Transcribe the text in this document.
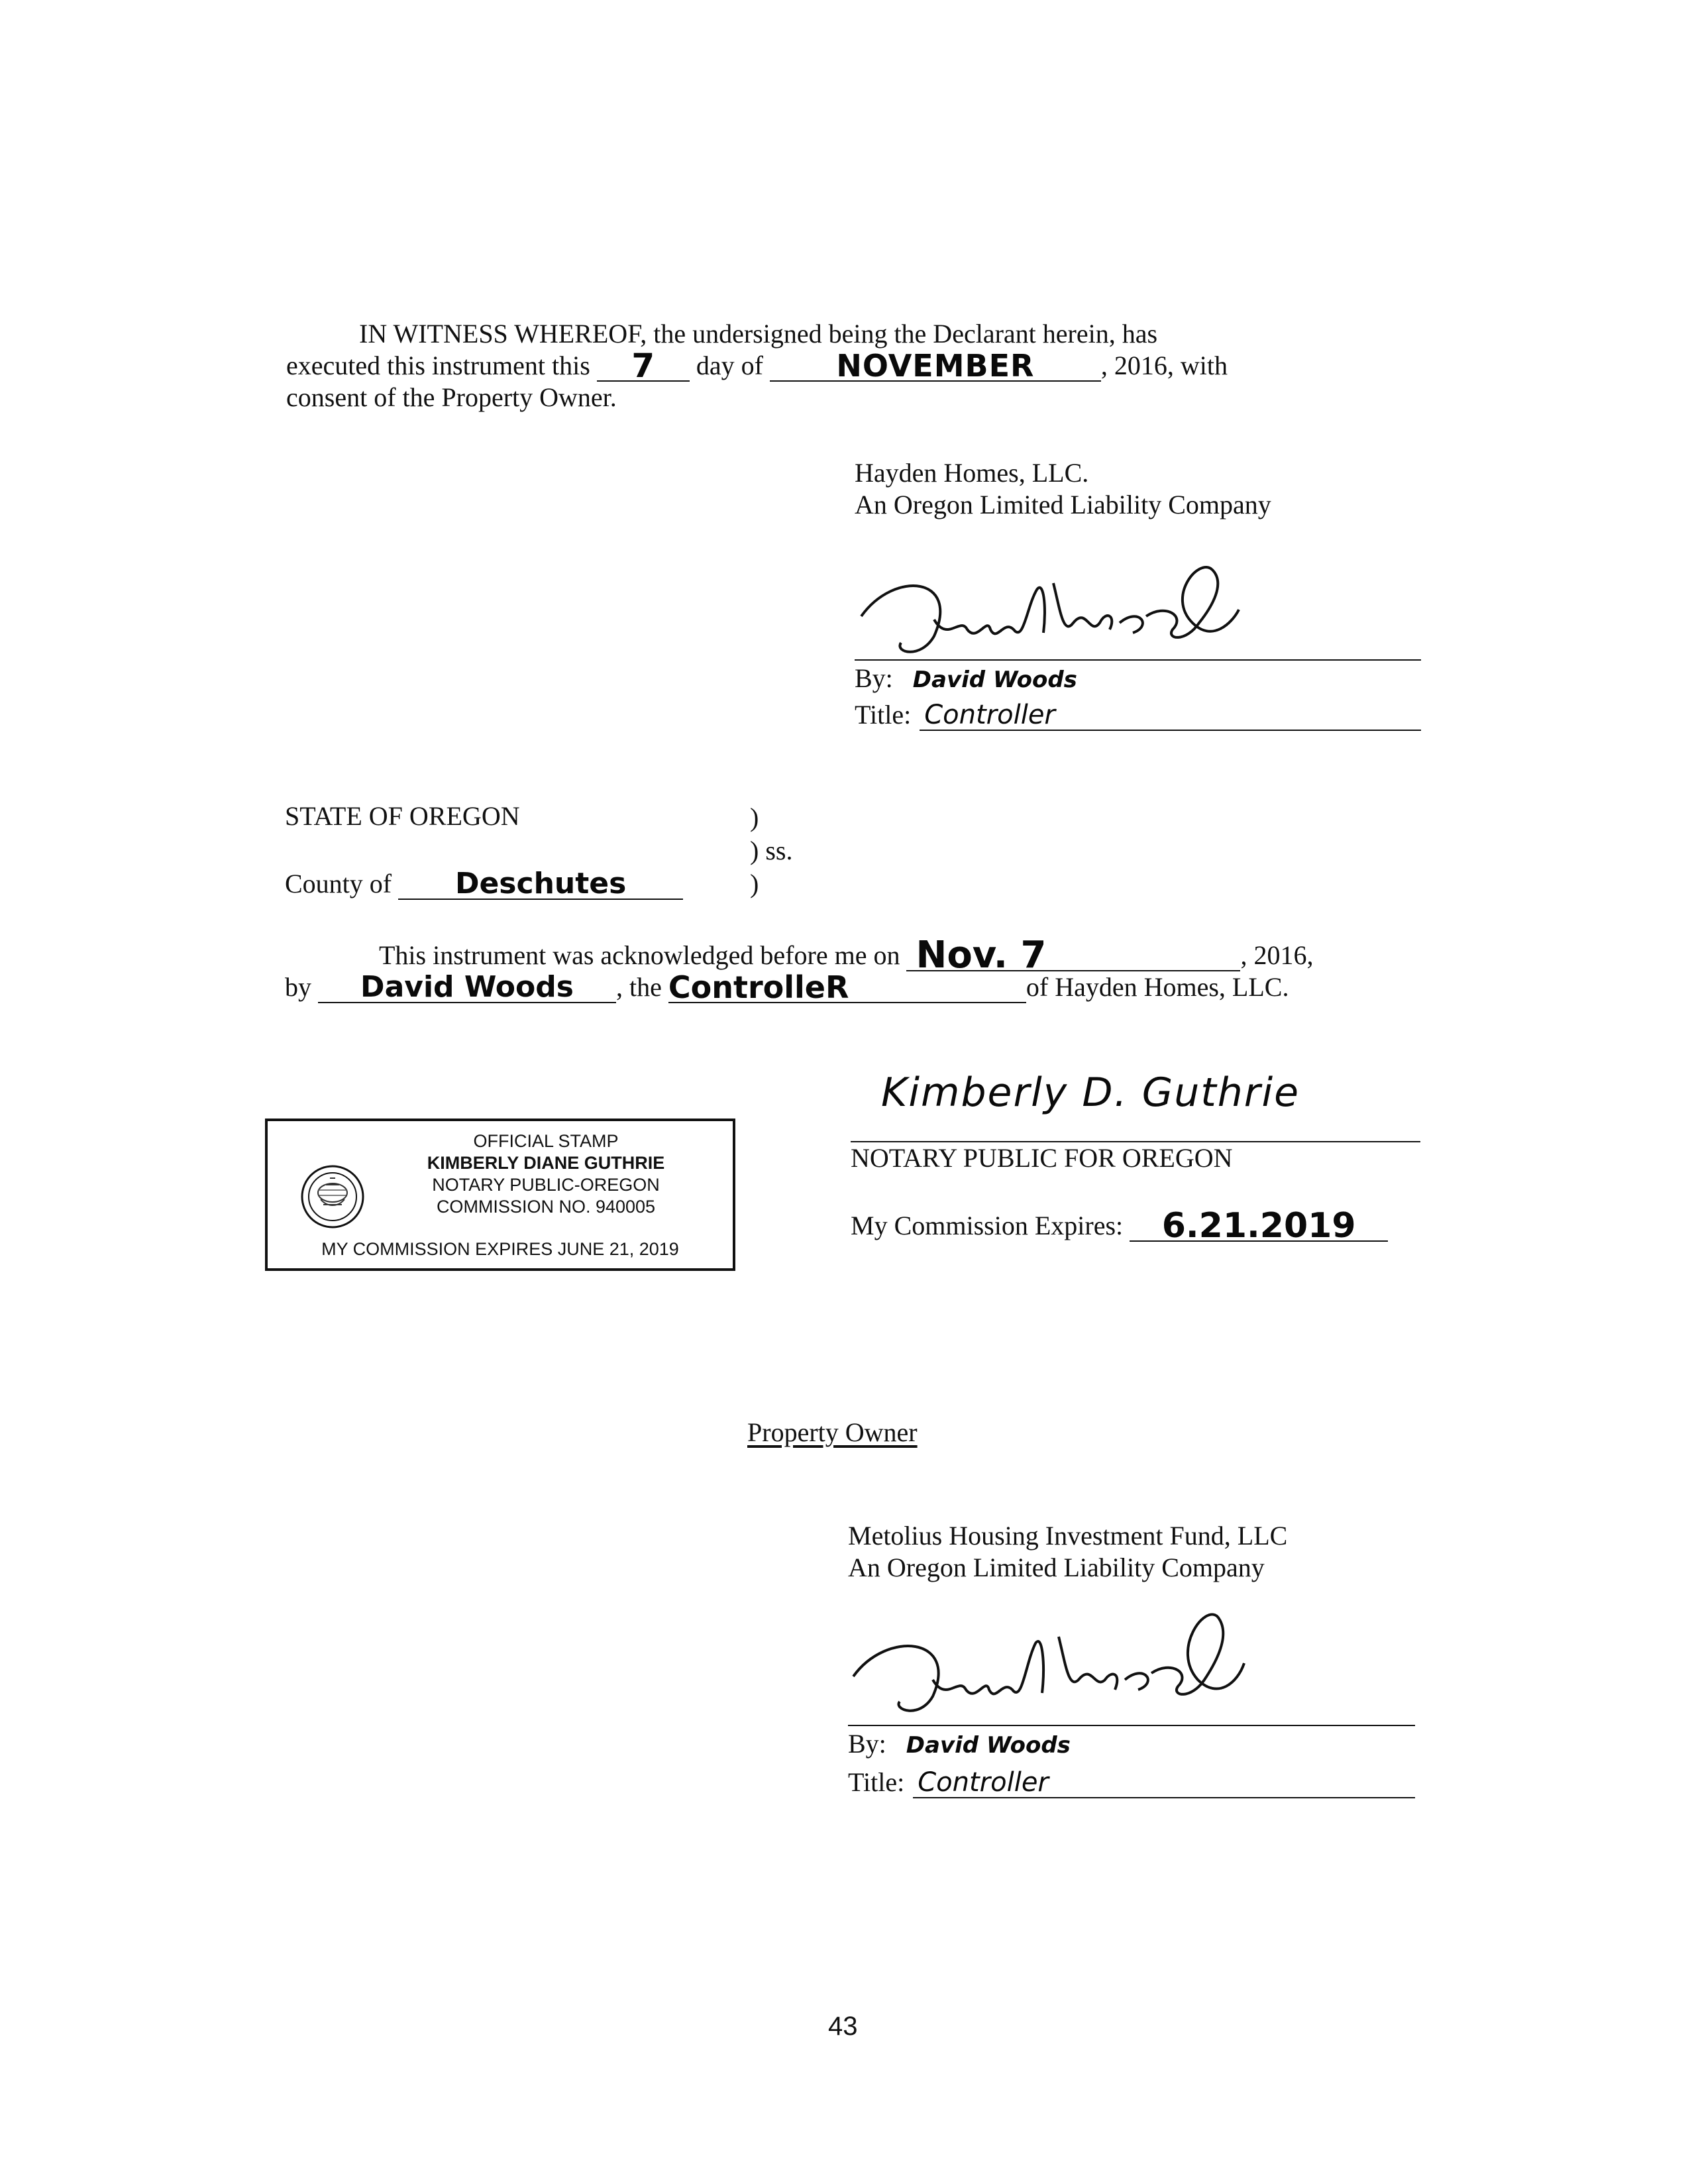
IN WITNESS WHEREOF, the undersigned being the Declarant herein, has
executed this instrument this 7 day of NOVEMBER	, 2016, with
consent of the Property Owner.
Hayden Homes, LLC.
An Oregon Limited Liability Company
By: David Woods
Title: Controller
STATE OF OREGON	)
) ss.
)
County of Deschutes
This instrument was acknowledged before me on Nov. 7	, 2016,
by David Woods , the ControlleR	of Hayden Homes, LLC.
OFFICIAL STAMP
KIMBERLY DIANE GUTHRIE
NOTARY PUBLIC-OREGON
COMMISSION NO. 940005
MY COMMISSION EXPIRES JUNE 21, 2019
Kimberly D. Guthrie
NOTARY PUBLIC FOR OREGON
My Commission Expires: 6.21.2019
Property Owner
Metolius Housing Investment Fund, LLC
An Oregon Limited Liability Company
By: David Woods
Title: Controller
43
